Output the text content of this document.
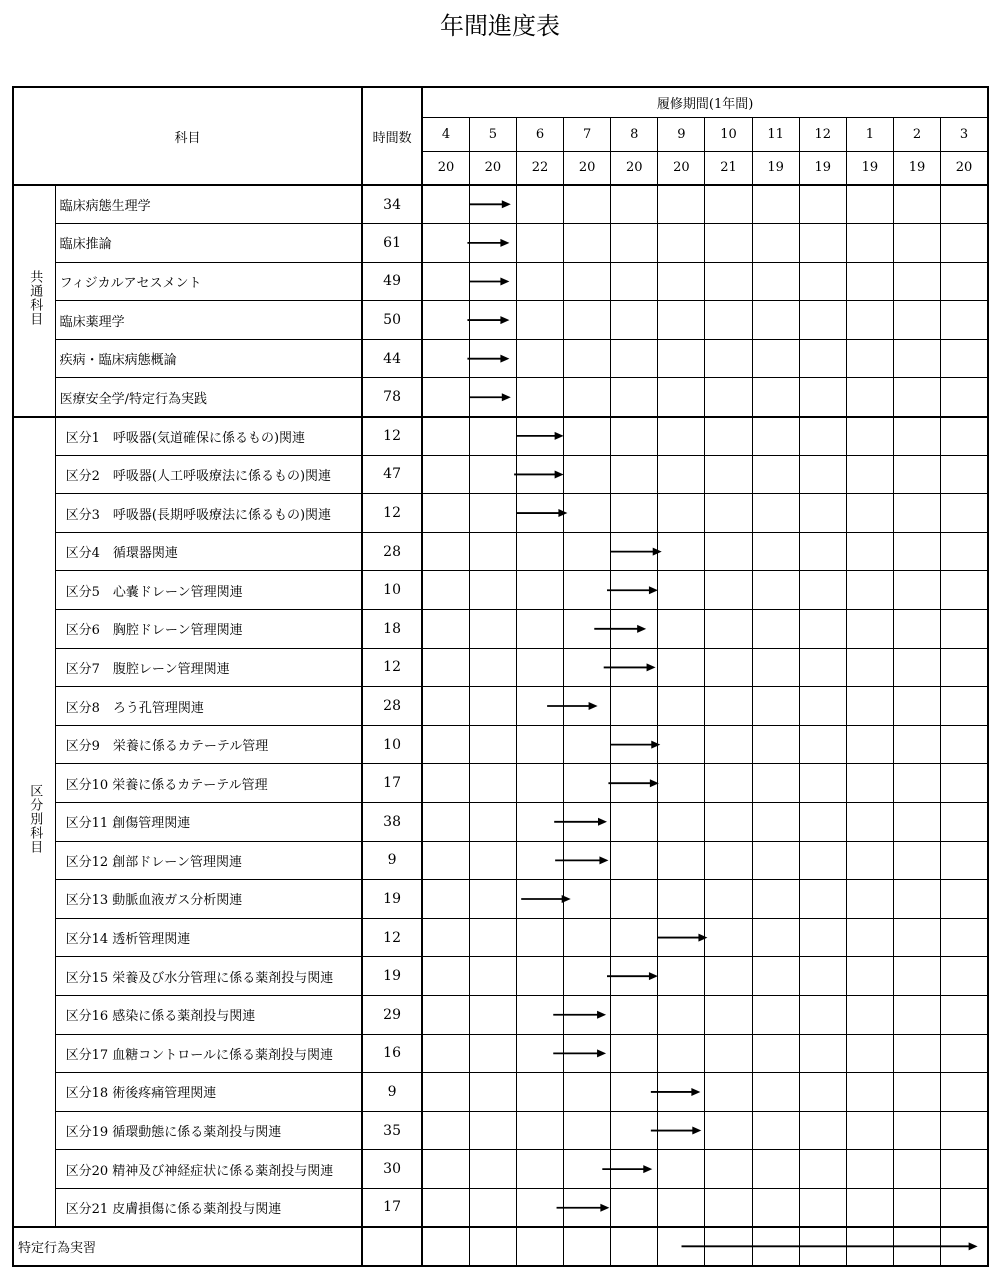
年間進度表
科目		時間数	履修期間(1年間)											
			4	5	6	7	8	9	10	11	12	1	2	3
			20	20	22	20	20	20	21	19	19	19	19	20
共通科目	臨床病態生理学	34												
	臨床推論	61												
	フィジカルアセスメント	49												
	臨床薬理学	50												
	疾病・臨床病態概論	44												
	医療安全学/特定行為実践	78												
区分別科目	区分1　呼吸器(気道確保に係るもの)関連	12												
	区分2　呼吸器(人工呼吸療法に係るもの)関連	47												
	区分3　呼吸器(長期呼吸療法に係るもの)関連	12												
	区分4　循環器関連	28												
	区分5　心嚢ドレーン管理関連	10												
	区分6　胸腔ドレーン管理関連	18												
	区分7　腹腔レーン管理関連	12												
	区分8　ろう孔管理関連	28												
	区分9　栄養に係るカテーテル管理	10												
	区分10 栄養に係るカテーテル管理	17												
	区分11 創傷管理関連	38												
	区分12 創部ドレーン管理関連	9												
	区分13 動脈血液ガス分析関連	19												
	区分14 透析管理関連	12												
	区分15 栄養及び水分管理に係る薬剤投与関連	19												
	区分16 感染に係る薬剤投与関連	29												
	区分17 血糖コントロールに係る薬剤投与関連	16												
	区分18 術後疼痛管理関連	9												
	区分19 循環動態に係る薬剤投与関連	35												
	区分20 精神及び神経症状に係る薬剤投与関連	30												
	区分21 皮膚損傷に係る薬剤投与関連	17												
特定行為実習														
